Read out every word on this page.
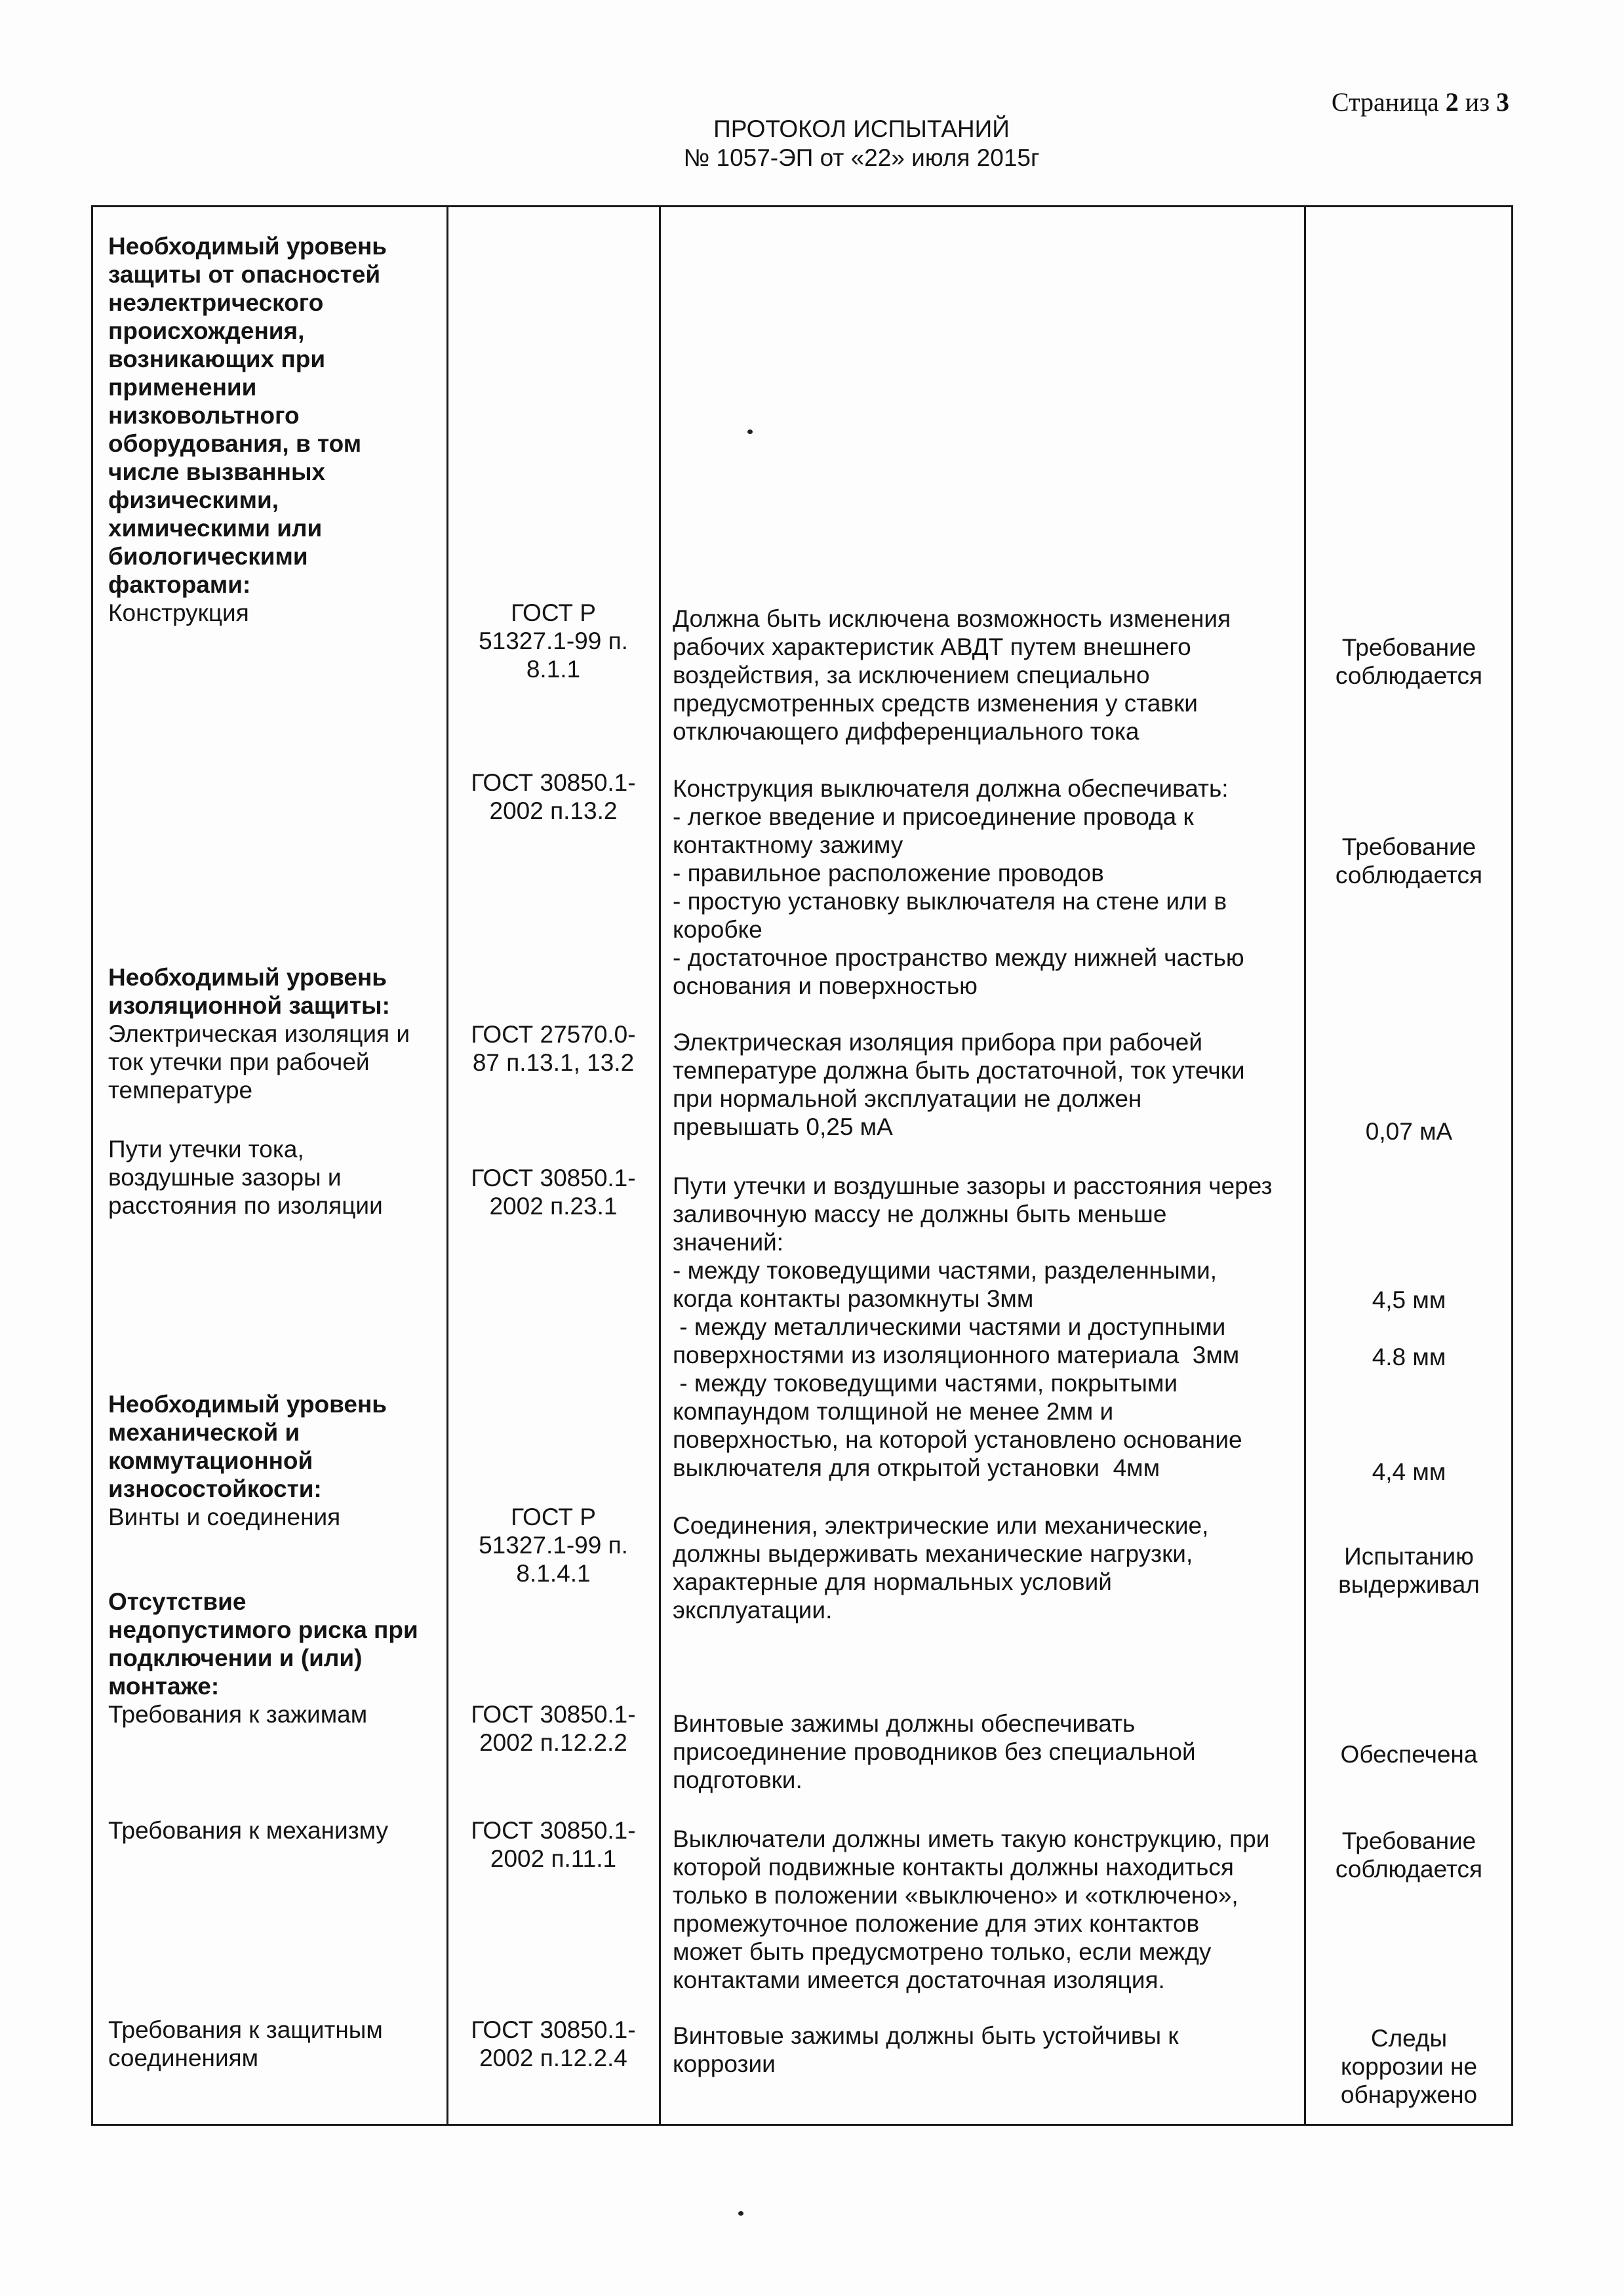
Страница 2 из 3
ПРОТОКОЛ ИСПЫТАНИЙ
№ 1057-ЭП от «22» июля 2015г
Необходимый уровень
защиты от опасностей
неэлектрического
происхождения,
возникающих при
применении
низковольтного
оборудования, в том
числе вызванных
физическими,
химическими или
биологическими
факторами:
Конструкция
Необходимый уровень
изоляционной защиты:
Электрическая изоляция и
ток утечки при рабочей
температуре
Пути утечки тока,
воздушные зазоры и
расстояния по изоляции
Необходимый уровень
механической и
коммутационной
износостойкости:
Винты и соединения
Отсутствие
недопустимого риска при
подключении и (или)
монтаже:
Требования к зажимам
Требования к механизму
Требования к защитным
соединениям
ГОСТ Р
51327.1-99 п.
8.1.1
ГОСТ 30850.1-
2002 п.13.2
ГОСТ 27570.0-
87 п.13.1, 13.2
ГОСТ 30850.1-
2002 п.23.1
ГОСТ Р
51327.1-99 п.
8.1.4.1
ГОСТ 30850.1-
2002 п.12.2.2
ГОСТ 30850.1-
2002 п.11.1
ГОСТ 30850.1-
2002 п.12.2.4
Должна быть исключена возможность изменения
рабочих характеристик АВДТ путем внешнего
воздействия, за исключением специально
предусмотренных средств изменения у ставки
отключающего дифференциального тока
Конструкция выключателя должна обеспечивать:
- легкое введение и присоединение провода к
контактному зажиму
- правильное расположение проводов
- простую установку выключателя на стене или в
коробке
- достаточное пространство между нижней частью
основания и поверхностью
Электрическая изоляция прибора при рабочей
температуре должна быть достаточной, ток утечки
при нормальной эксплуатации не должен
превышать 0,25 мА
Пути утечки и воздушные зазоры и расстояния через
заливочную массу не должны быть меньше
значений:
- между токоведущими частями, разделенными,
когда контакты разомкнуты 3мм
- между металлическими частями и доступными
поверхностями из изоляционного материала  3мм
- между токоведущими частями, покрытыми
компаундом толщиной не менее 2мм и
поверхностью, на которой установлено основание
выключателя для открытой установки  4мм
Соединения, электрические или механические,
должны выдерживать механические нагрузки,
характерные для нормальных условий
эксплуатации.
Винтовые зажимы должны обеспечивать
присоединение проводников без специальной
подготовки.
Выключатели должны иметь такую конструкцию, при
которой подвижные контакты должны находиться
только в положении «выключено» и «отключено»,
промежуточное положение для этих контактов
может быть предусмотрено только, если между
контактами имеется достаточная изоляция.
Винтовые зажимы должны быть устойчивы к
коррозии
Требование
соблюдается
Требование
соблюдается
0,07 мА
4,5 мм
4.8 мм
4,4 мм
Испытанию
выдерживал
Обеспечена
Требование
соблюдается
Следы
коррозии не
обнаружено
